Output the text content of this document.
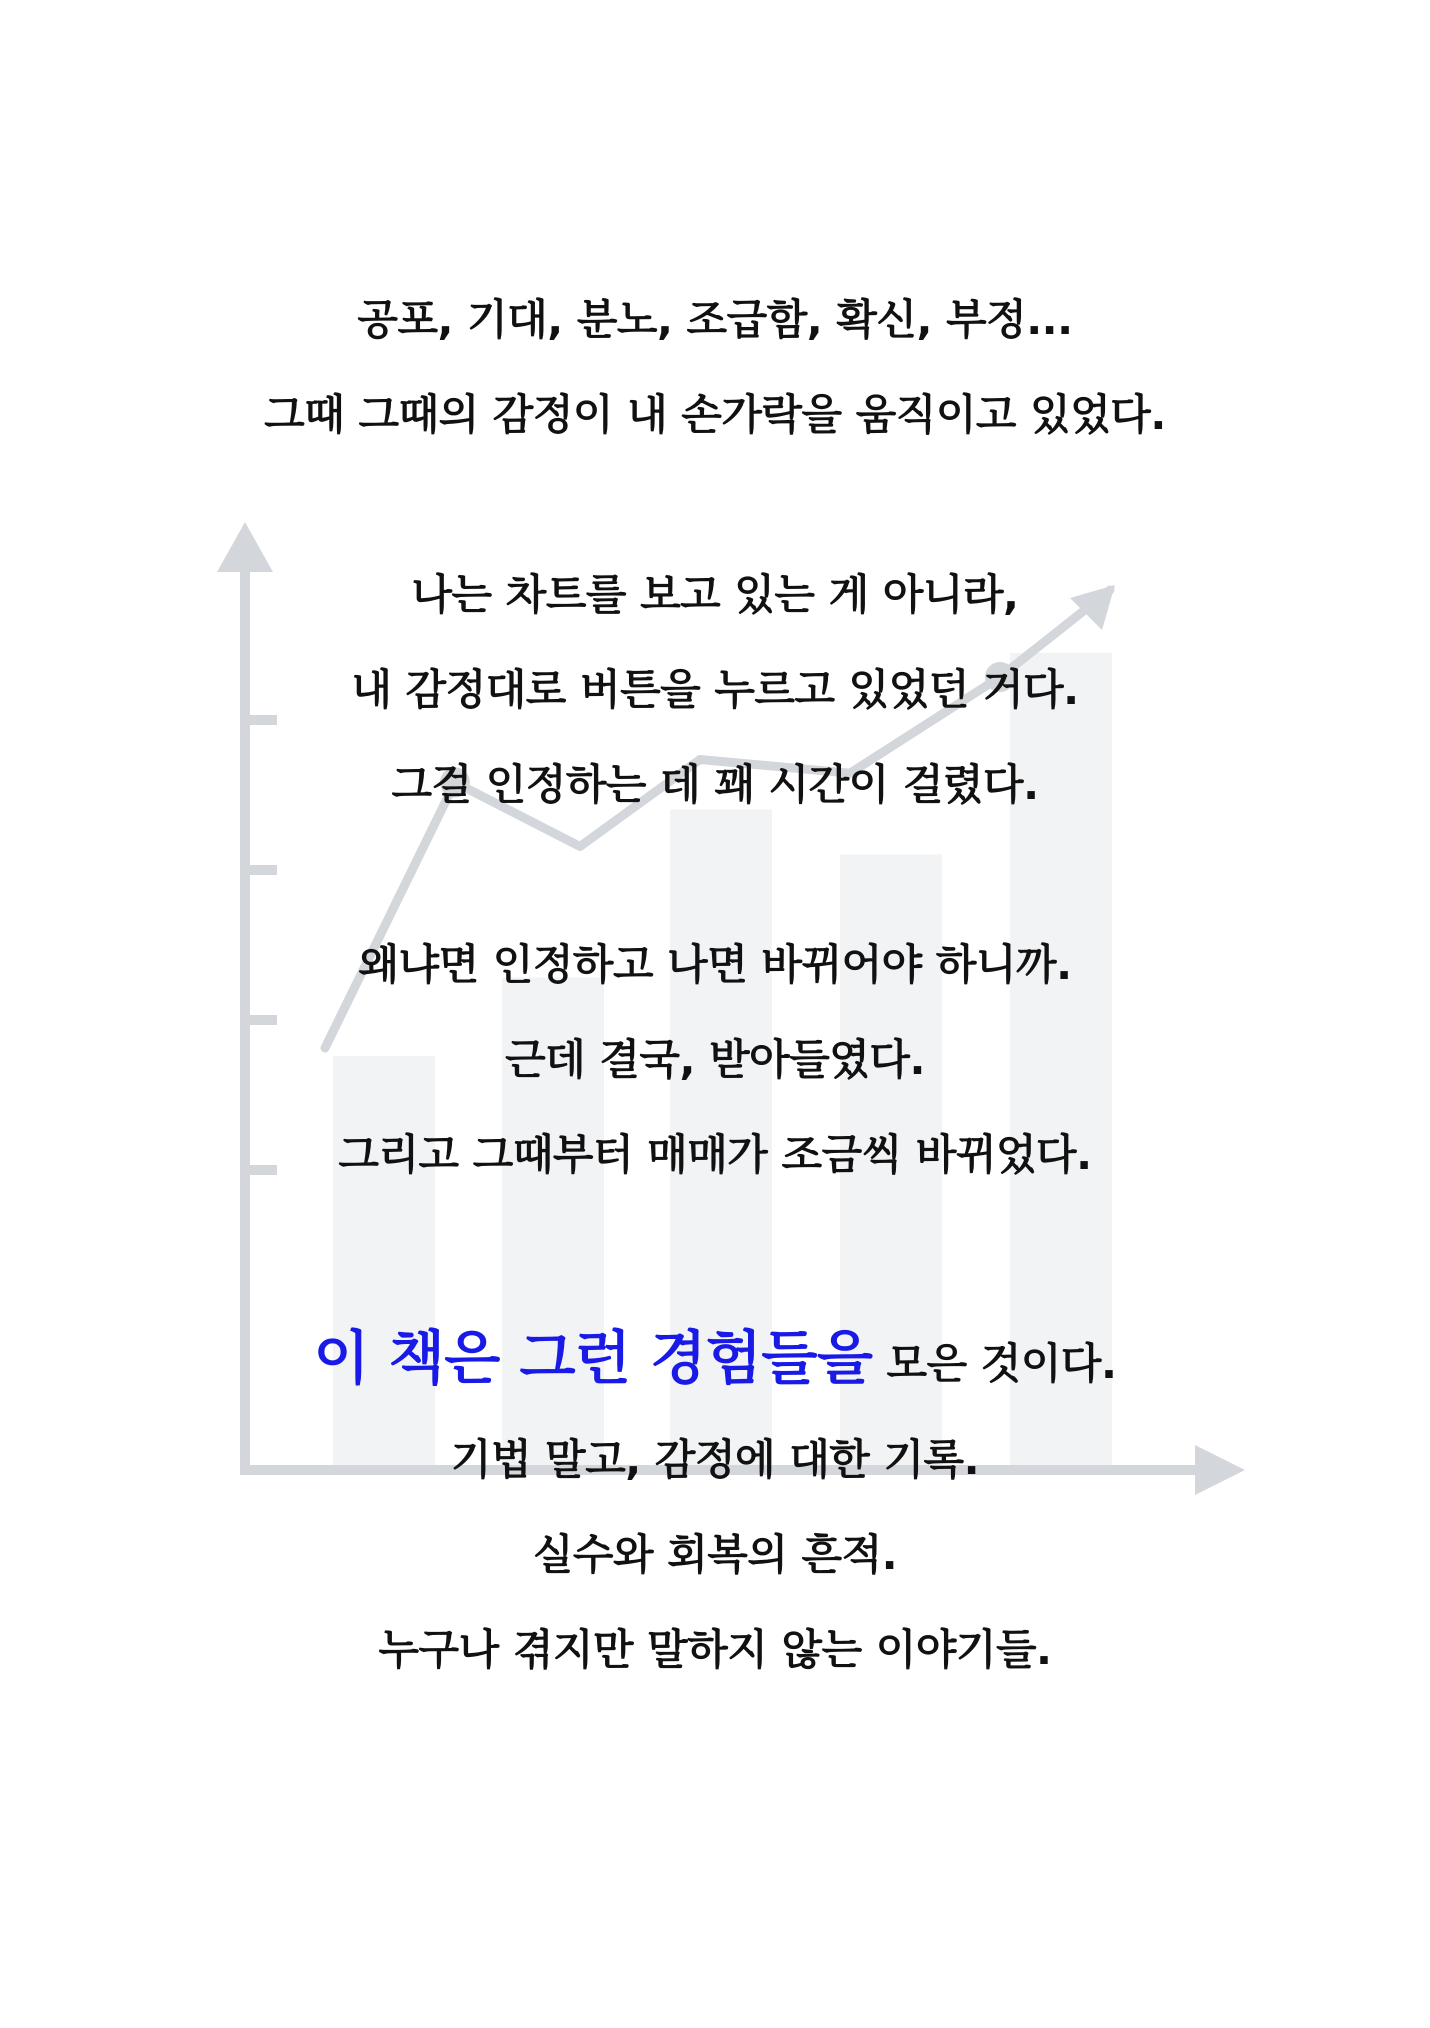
공포, 기대, 분노, 조급함, 확신, 부정...
그때 그때의 감정이 내 손가락을 움직이고 있었다.
나는 차트를 보고 있는 게 아니라,
내 감정대로 버튼을 누르고 있었던 거다.
그걸 인정하는 데 꽤 시간이 걸렸다.
왜냐면 인정하고 나면 바뀌어야 하니까.
근데 결국, 받아들였다.
그리고 그때부터 매매가 조금씩 바뀌었다.
이 책은 그런 경험들을 모은 것이다.
기법 말고, 감정에 대한 기록.
실수와 회복의 흔적.
누구나 겪지만 말하지 않는 이야기들.
